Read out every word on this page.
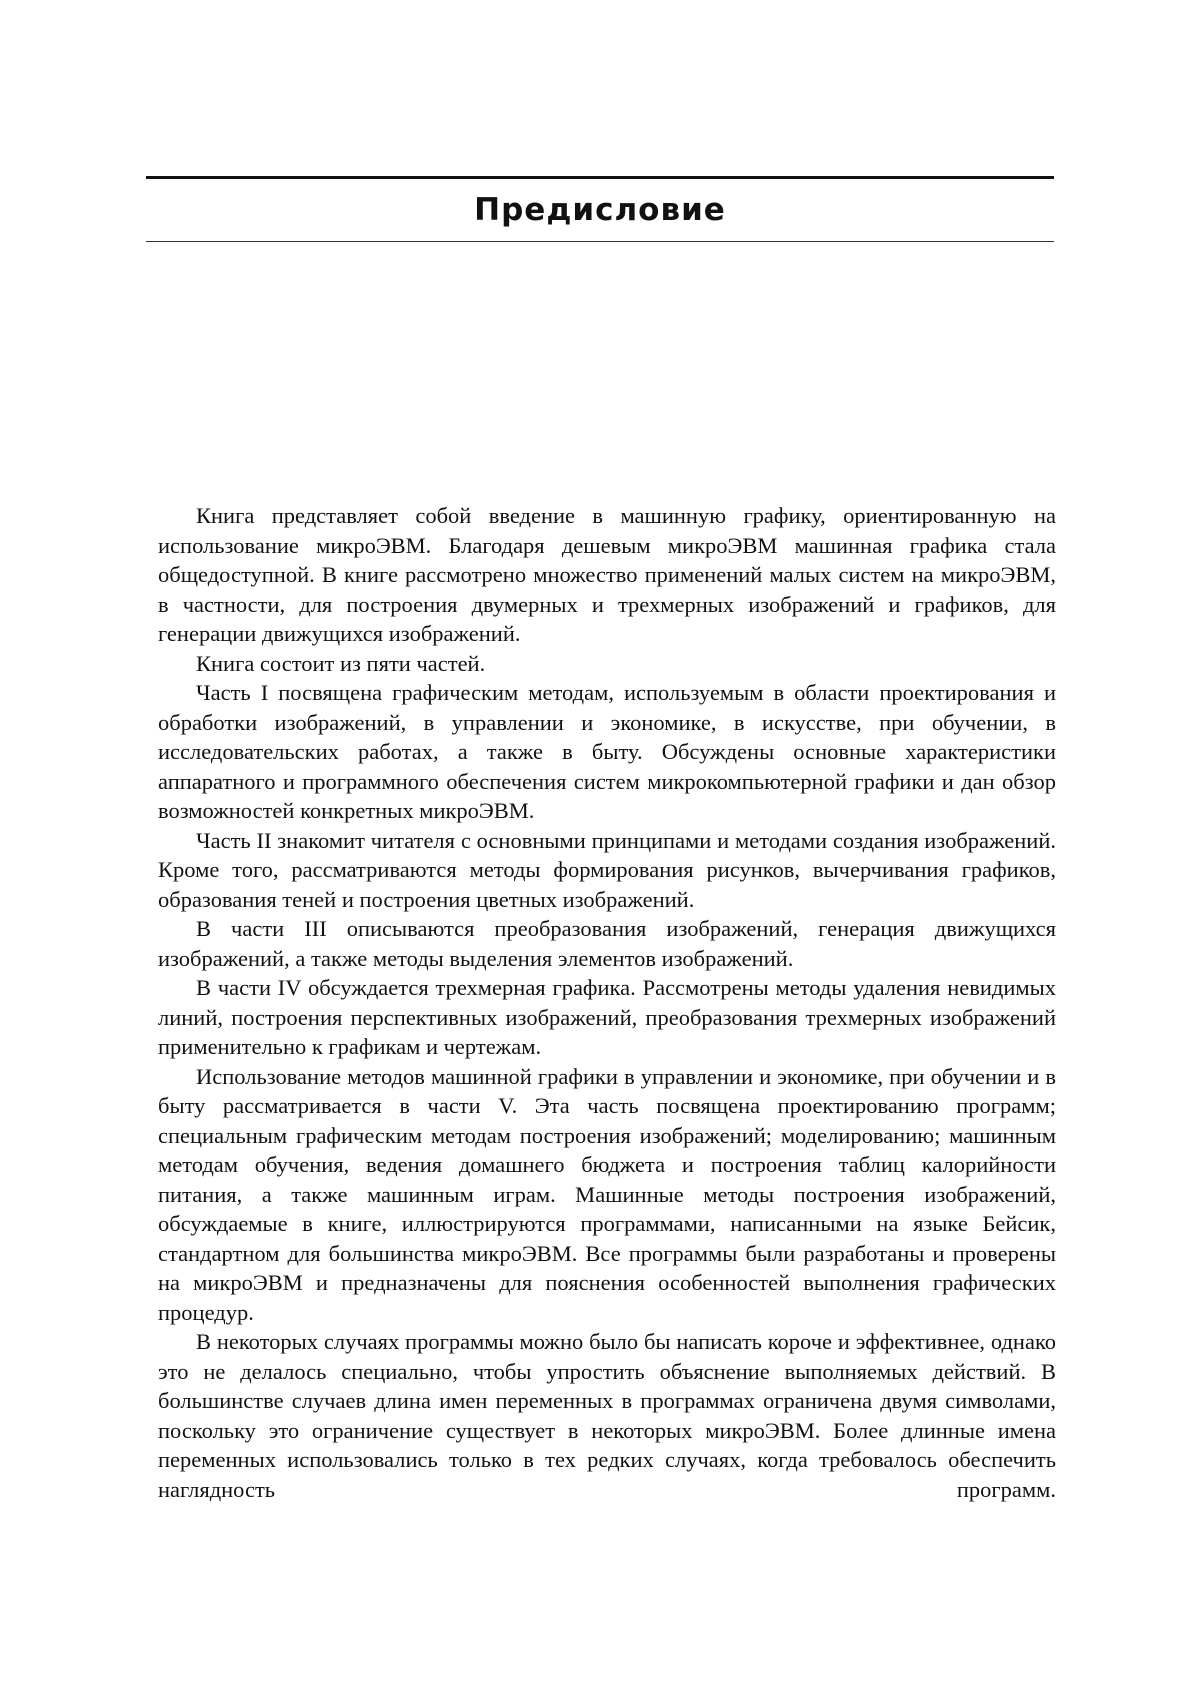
Предисловие

Книга представляет собой введение в машинную графику, ориентированную на использование микроЭВМ. Благодаря дешевым микроЭВМ машинная графика стала общедоступной. В книге рассмотрено множество применений малых систем на микроЭВМ, в частности, для построения двумерных и трехмерных изображений и графиков, для генерации движущихся изображений.

Книга состоит из пяти частей.

Часть I посвящена графическим методам, используемым в области проектирования и обработки изображений, в управлении и экономике, в искусстве, при обучении, в исследовательских работах, а также в быту. Обсуждены основные характеристики аппаратного и программного обеспечения систем микрокомпьютерной графики и дан обзор возможностей конкретных микроЭВМ.

Часть II знакомит читателя с основными принципами и методами создания изображений. Кроме того, рассматриваются методы формирования рисунков, вычерчивания графиков, образования теней и построения цветных изображений.

В части III описываются преобразования изображений, генерация движущихся изображений, а также методы выделения элементов изображений.

В части IV обсуждается трехмерная графика. Рассмотрены методы удаления невидимых линий, построения перспективных изображений, преобразования трехмерных изображений применительно к графикам и чертежам.

Использование методов машинной графики в управлении и экономике, при обучении и в быту рассматривается в части V. Эта часть посвящена проектированию программ; специальным графическим методам построения изображений; моделированию; машинным методам обучения, ведения домашнего бюджета и построения таблиц калорийности питания, а также машинным играм. Машинные методы построения изображений, обсуждаемые в книге, иллюстрируются программами, написанными на языке Бейсик, стандартном для большинства микроЭВМ. Все программы были разработаны и проверены на микроЭВМ и предназначены для пояснения особенностей выполнения графических процедур.

В некоторых случаях программы можно было бы написать короче и эффективнее, однако это не делалось специально, чтобы упростить объяснение выполняемых действий. В большинстве случаев длина имен переменных в программах ограничена двумя символами, поскольку это ограничение существует в некоторых микроЭВМ. Более длинные имена переменных использовались только в тех редких случаях, когда требовалось обеспечить наглядность программ.
